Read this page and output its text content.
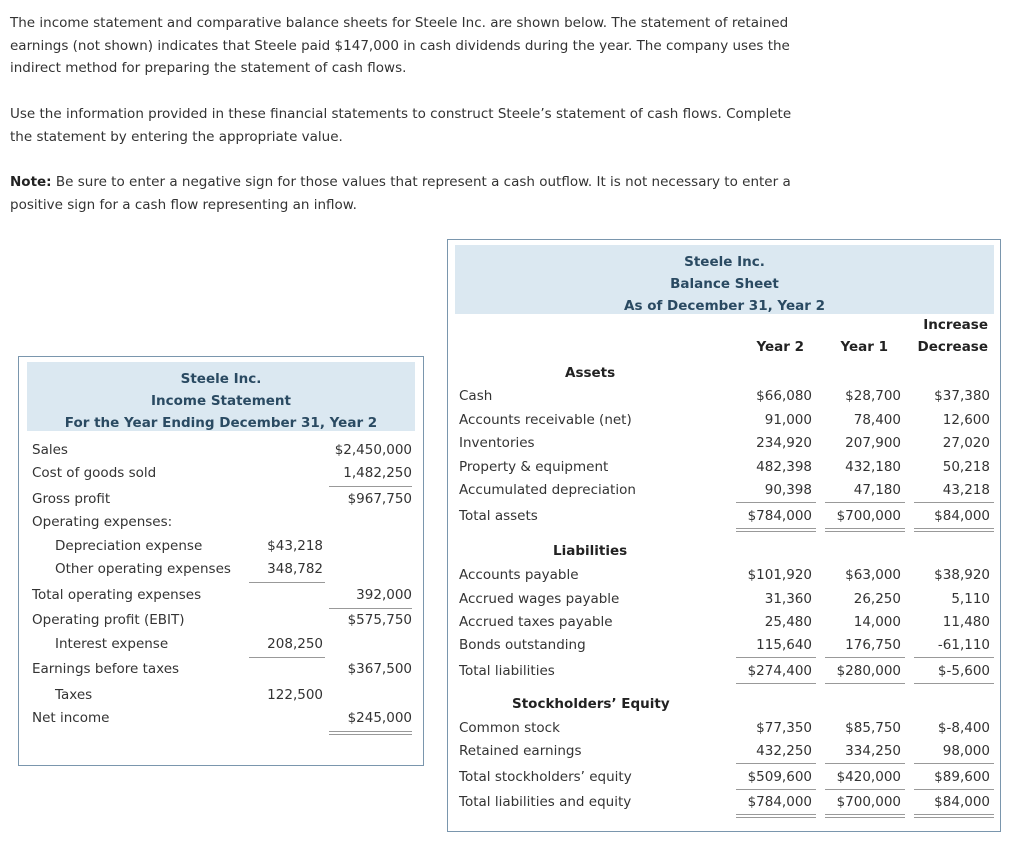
The income statement and comparative balance sheets for Steele Inc. are shown below. The statement of retained earnings (not shown) indicates that Steele paid $147,000 in cash dividends during the year. The company uses the indirect method for preparing the statement of cash flows.

Use the information provided in these financial statements to construct Steele’s statement of cash flows. Complete the statement by entering the appropriate value.

Note: Be sure to enter a negative sign for those values that represent a cash outflow. It is not necessary to enter a positive sign for a cash flow representing an inflow.

Steele Inc.
Income Statement
For the Year Ending December 31, Year 2
Sales	$2,450,000
Cost of goods sold	1,482,250
Gross profit	$967,750
Operating expenses:
Depreciation expense	$43,218
Other operating expenses	348,782
Total operating expenses	392,000
Operating profit (EBIT)	$575,750
Interest expense	208,250
Earnings before taxes	$367,500
Taxes	122,500
Net income	$245,000
Steele Inc.
Balance Sheet
As of December 31, Year 2
Increase
Year 2	Year 1 Decrease
Assets
Cash	$66,080 $28,700 $37,380
Accounts receivable (net)	91,000	78,400	12,600
Inventories	234,920 207,900	27,020
Property & equipment	482,398 432,180	50,218
Accumulated depreciation	90,398	47,180	43,218
Total assets	$784,000 $700,000 $84,000
Liabilities
Accounts payable	$101,920 $63,000 $38,920
Accrued wages payable	31,360	26,250	5,110
Accrued taxes payable	25,480	14,000	11,480
Bonds outstanding	115,640 176,750	-61,110
Total liabilities	$274,400 $280,000	$-5,600
Stockholders’ Equity
Common stock	$77,350 $85,750	$-8,400
Retained earnings	432,250 334,250	98,000
Total stockholders’ equity	$509,600 $420,000 $89,600
Total liabilities and equity	$784,000 $700,000 $84,000
